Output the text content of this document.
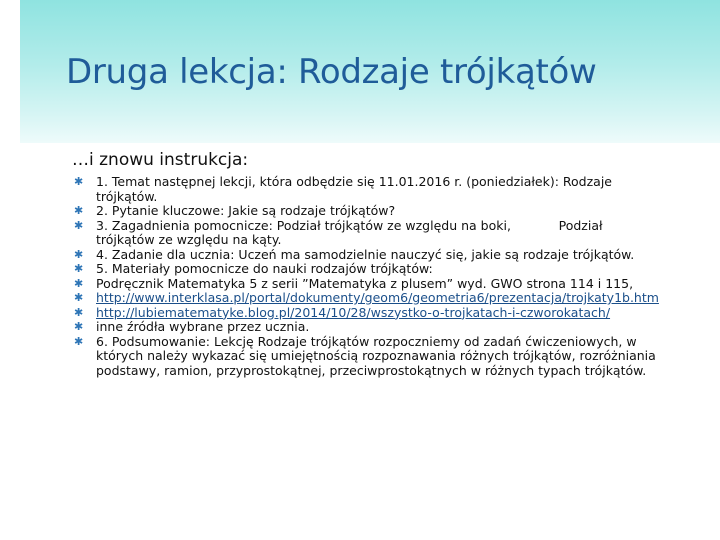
Druga lekcja: Rodzaje trójkątów
…i znowu instrukcja:
✱ 1. Temat następnej lekcji, która odbędzie się 11.01.2016 r. (poniedziałek): Rodzaje trójkątów.
✱ 2. Pytanie kluczowe: Jakie są rodzaje trójkątów?
✱ 3. Zagadnienia pomocnicze: Podział trójkątów ze względu na boki,            Podział trójkątów ze względu na kąty.
✱ 4. Zadanie dla ucznia: Uczeń ma samodzielnie nauczyć się, jakie są rodzaje trójkątów.
✱ 5. Materiały pomocnicze do nauki rodzajów trójkątów:
✱ Podręcznik Matematyka 5 z serii ”Matematyka z plusem” wyd. GWO strona 114 i 115,
✱ http://www.interklasa.pl/portal/dokumenty/geom6/geometria6/prezentacja/trojkaty1b.htm
✱ http://lubiematematyke.blog.pl/2014/10/28/wszystko-o-trojkatach-i-czworokatach/
✱ inne źródła wybrane przez ucznia.
✱ 6. Podsumowanie: Lekcję Rodzaje trójkątów rozpoczniemy od zadań ćwiczeniowych, w których należy wykazać się umiejętnością rozpoznawania różnych trójkątów, rozróżniania podstawy, ramion, przyprostokątnej, przeciwprostokątnych w różnych typach trójkątów.
